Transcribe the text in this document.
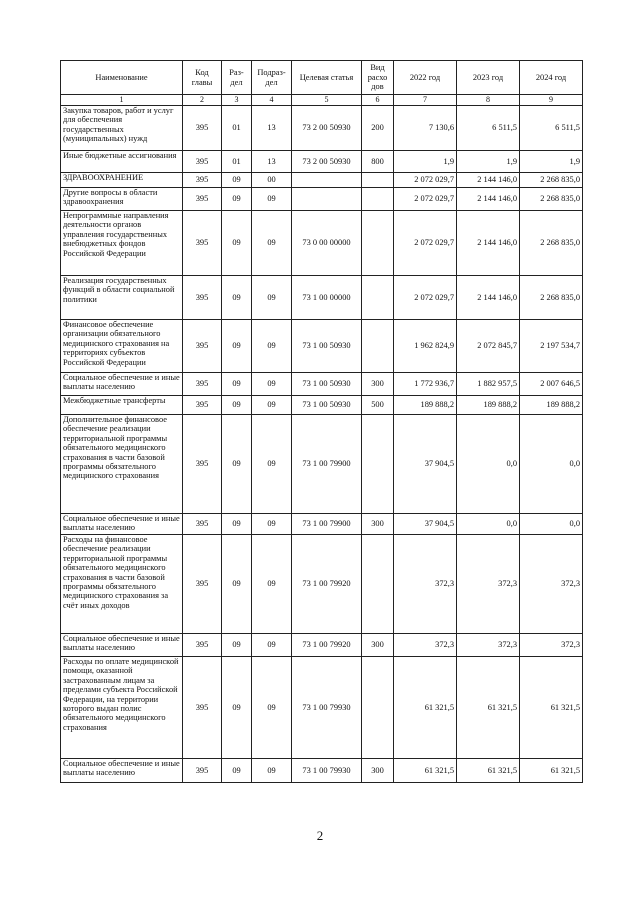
Наименование	Код главы	Раз-дел	Подраз-дел	Целевая статья	Вид расхо дов	2022 год	2023 год	2024 год
1	2	3	4	5	6	7	8	9
Закупка товаров, работ и услуг для обеспечения государственных (муниципальных) нужд	395	01	13	73 2 00 50930	200	7 130,6	6 511,5	6 511,5
Иные бюджетные ассигнования	395	01	13	73 2 00 50930	800	1,9	1,9	1,9
ЗДРАВООХРАНЕНИЕ	395	09	00			2 072 029,7	2 144 146,0	2 268 835,0
Другие вопросы в области здравоохранения	395	09	09			2 072 029,7	2 144 146,0	2 268 835,0
Непрограммные направления деятельности органов управления государственных внебюджетных фондов Российской Федерации	395	09	09	73 0 00 00000		2 072 029,7	2 144 146,0	2 268 835,0
Реализация государственных функций в области социальной политики	395	09	09	73 1 00 00000		2 072 029,7	2 144 146,0	2 268 835,0
Финансовое обеспечение организации обязательного медицинского страхования на территориях субъектов Российской Федерации	395	09	09	73 1 00 50930		1 962 824,9	2 072 845,7	2 197 534,7
Социальное обеспечение и иные выплаты населению	395	09	09	73 1 00 50930	300	1 772 936,7	1 882 957,5	2 007 646,5
Межбюджетные трансферты	395	09	09	73 1 00 50930	500	189 888,2	189 888,2	189 888,2
Дополнительное финансовое обеспечение реализации территориальной программы обязательного медицинского страхования в части базовой программы обязательного медицинского страхования	395	09	09	73 1 00 79900		37 904,5	0,0	0,0
Социальное обеспечение и иные выплаты населению	395	09	09	73 1 00 79900	300	37 904,5	0,0	0,0
Расходы на финансовое обеспечение реализации территориальной программы обязательного медицинского страхования в части базовой программы обязательного медицинского страхования за счёт иных доходов	395	09	09	73 1 00 79920		372,3	372,3	372,3
Социальное обеспечение и иные выплаты населению	395	09	09	73 1 00 79920	300	372,3	372,3	372,3
Расходы по оплате медицинской помощи, оказанной застрахованным лицам за пределами субъекта Российской Федерации, на территории которого выдан полис обязательного медицинского страхования	395	09	09	73 1 00 79930		61 321,5	61 321,5	61 321,5
Социальное обеспечение и иные выплаты населению	395	09	09	73 1 00 79930	300	61 321,5	61 321,5	61 321,5
2
